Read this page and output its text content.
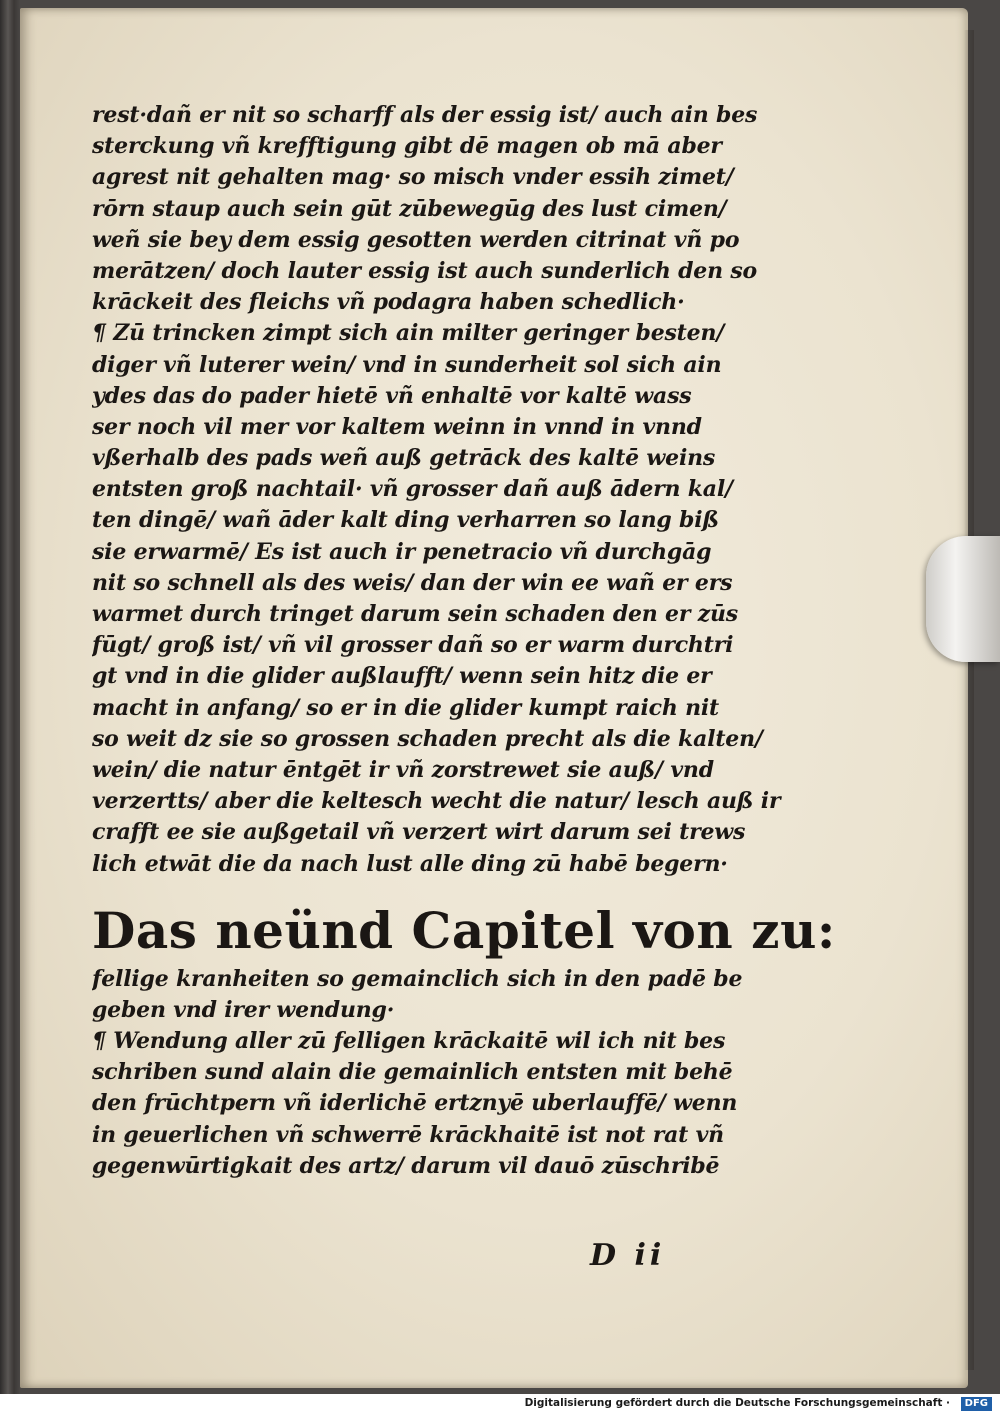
rest·dañ er nit so scharff als der essig ist/ auch ain bes
sterckung vñ krefftigung gibt dē magen ob mā aber
agrest nit gehalten mag· so misch vnder essih zimet/
rōrn staup auch sein gūt zūbewegūg des lust cimen/
weñ sie bey dem essig gesotten werden citrinat vñ po
merātzen/ doch lauter essig ist auch sunderlich den so
krāckeit des fleichs vñ podagra haben schedlich·
¶ Zū trincken zimpt sich ain milter geringer besten/
diger vñ luterer wein/ vnd in sunderheit sol sich ain
ydes das do pader hietē vñ enhaltē vor kaltē wass
ser noch vil mer vor kaltem weinn in vnnd in vnnd
vßerhalb des pads weñ auß getrāck des kaltē weins
entsten groß nachtail· vñ grosser dañ auß ādern kal/
ten dingē/ wañ āder kalt ding verharren so lang biß
sie erwarmē/ Es ist auch ir penetracio vñ durchgāg
nit so schnell als des weis/ dan der win ee wañ er ers
warmet durch tringet darum sein schaden den er zūs
fūgt/ groß ist/ vñ vil grosser dañ so er warm durchtri
gt vnd in die glider außlaufft/ wenn sein hitz die er
macht in anfang/ so er in die glider kumpt raich nit
so weit dz sie so grossen schaden precht als die kalten/
wein/ die natur ēntgēt ir vñ zorstrewet sie auß/ vnd
verzertts/ aber die keltesch wecht die natur/ lesch auß ir
crafft ee sie außgetail vñ verzert wirt darum sei trews
lich etwāt die da nach lust alle ding zū habē begern·
Das neünd Capitel von zu:
fellige kranheiten so gemainclich sich in den padē be
geben vnd irer wendung·
¶ Wendung aller zū felligen krāckaitē wil ich nit bes
schriben sund alain die gemainlich entsten mit behē
den frūchtpern vñ iderlichē ertznyē uberlauffē/ wenn
in geuerlichen vñ schwerrē krāckhaitē ist not rat vñ
gegenwūrtigkait des artz/ darum vil dauō zūschribē
D ii
Digitalisierung gefördert durch die Deutsche Forschungsgemeinschaft ·	DFG
